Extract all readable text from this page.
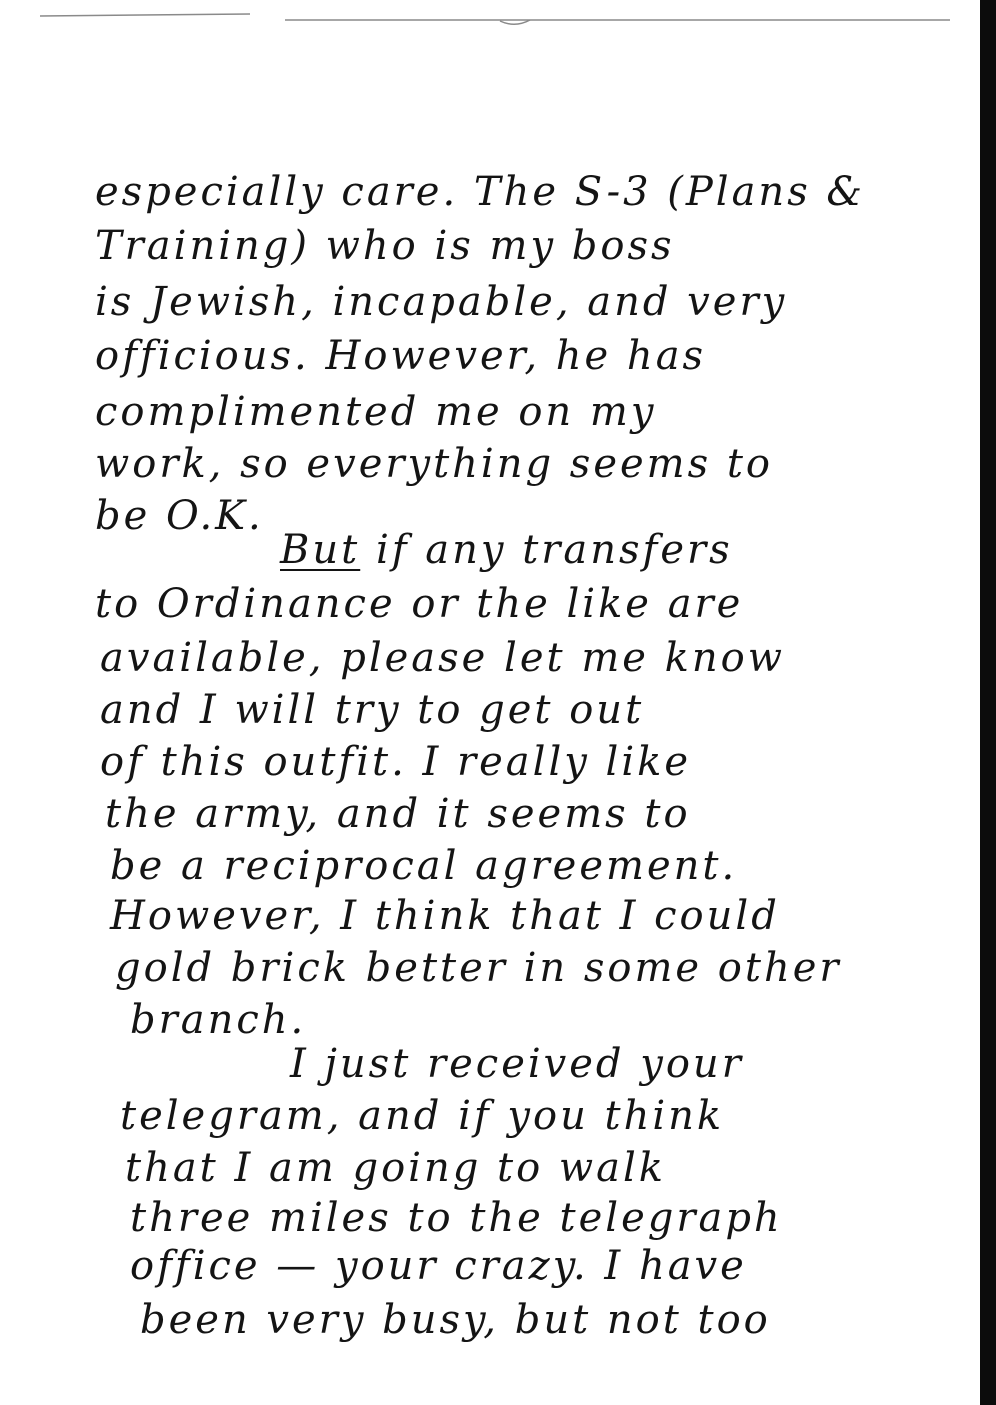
especially care. The S-3 (Plans &
Training) who is my boss
is Jewish, incapable, and very
officious. However, he has
complimented me on my
work, so everything seems to
be O.K.
But if any transfers
to Ordinance or the like are
available, please let me know
and I will try to get out
of this outfit. I really like
the army, and it seems to
be a reciprocal agreement.
However, I think that I could
gold brick better in some other
branch.
I just received your
telegram, and if you think
that I am going to walk
three miles to the telegraph
office — your crazy. I have
been very busy, but not too
